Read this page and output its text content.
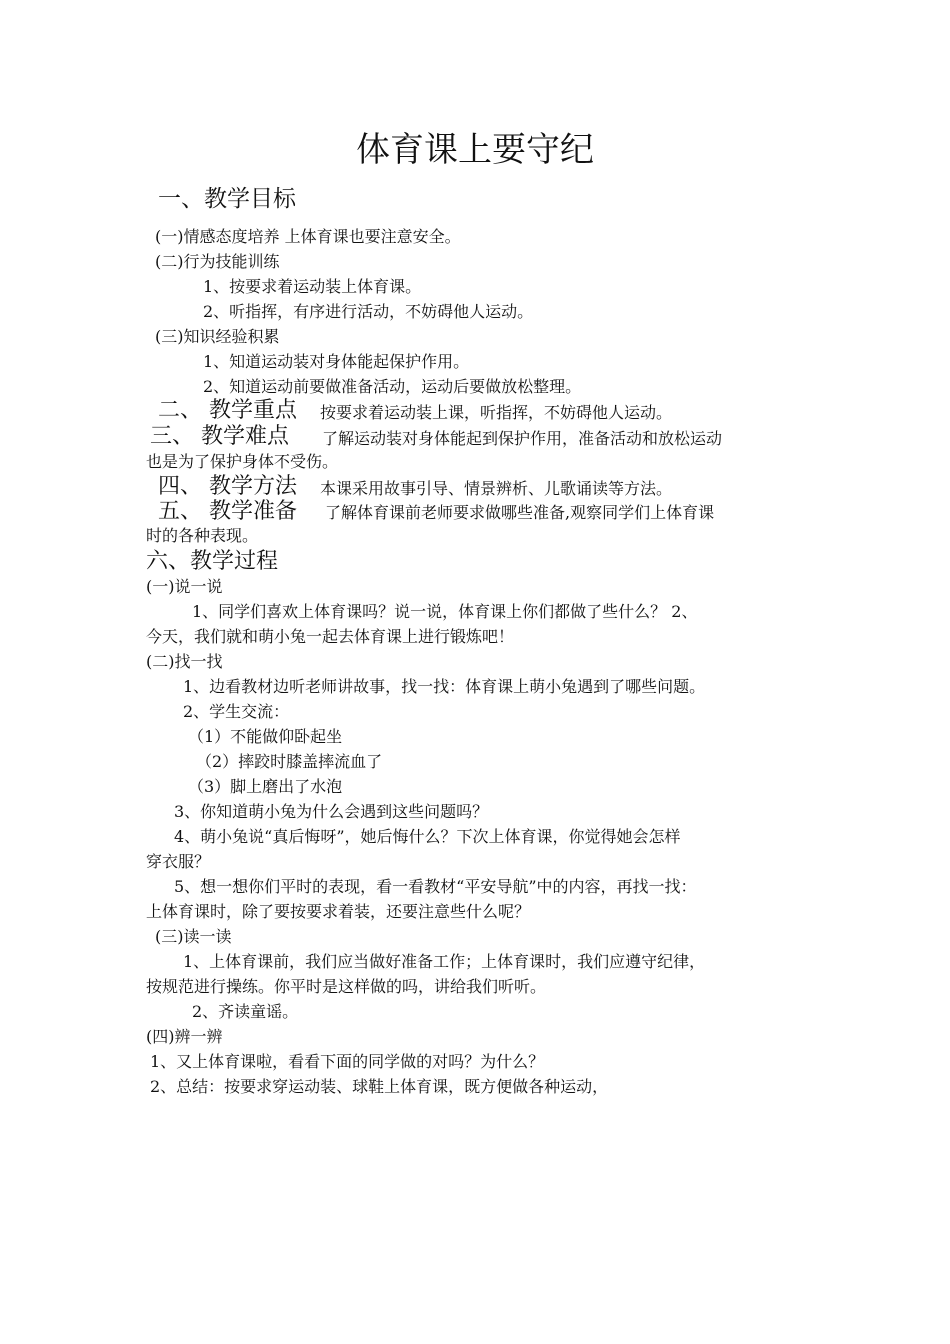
体育课上要守纪
一、教学目标
(一)情感态度培养 上体育课也要注意安全。
(二)行为技能训练
1、按要求着运动装上体育课。
2、听指挥，有序进行活动，不妨碍他人运动。
(三)知识经验积累
1、知道运动装对身体能起保护作用。
2、知道运动前要做准备活动，运动后要做放松整理。
二、 教学重点 按要求着运动装上课，听指挥，不妨碍他人运动。
三、 教学难点 了解运动装对身体能起到保护作用，准备活动和放松运动
也是为了保护身体不受伤。
四、 教学方法 本课采用故事引导、情景辨析、儿歌诵读等方法。
五、 教学准备 了解体育课前老师要求做哪些准备,观察同学们上体育课
时的各种表现。
六、教学过程
(一)说一说
1、同学们喜欢上体育课吗？说一说，体育课上你们都做了些什么？ 2、
今天，我们就和萌小兔一起去体育课上进行锻炼吧！
(二)找一找
1、边看教材边听老师讲故事，找一找：体育课上萌小兔遇到了哪些问题。
2、学生交流：
（1）不能做仰卧起坐
（2）摔跤时膝盖摔流血了
（3）脚上磨出了水泡
3、你知道萌小兔为什么会遇到这些问题吗？
4、萌小兔说“真后悔呀”，她后悔什么？下次上体育课，你觉得她会怎样
穿衣服？
5、想一想你们平时的表现，看一看教材“平安导航”中的内容，再找一找：
上体育课时，除了要按要求着装，还要注意些什么呢？
(三)读一读
1、上体育课前，我们应当做好准备工作；上体育课时，我们应遵守纪律，
按规范进行操练。你平时是这样做的吗，讲给我们听听。
2、齐读童谣。
(四)辨一辨
1、又上体育课啦，看看下面的同学做的对吗？为什么？
2、总结：按要求穿运动装、球鞋上体育课，既方便做各种运动，
